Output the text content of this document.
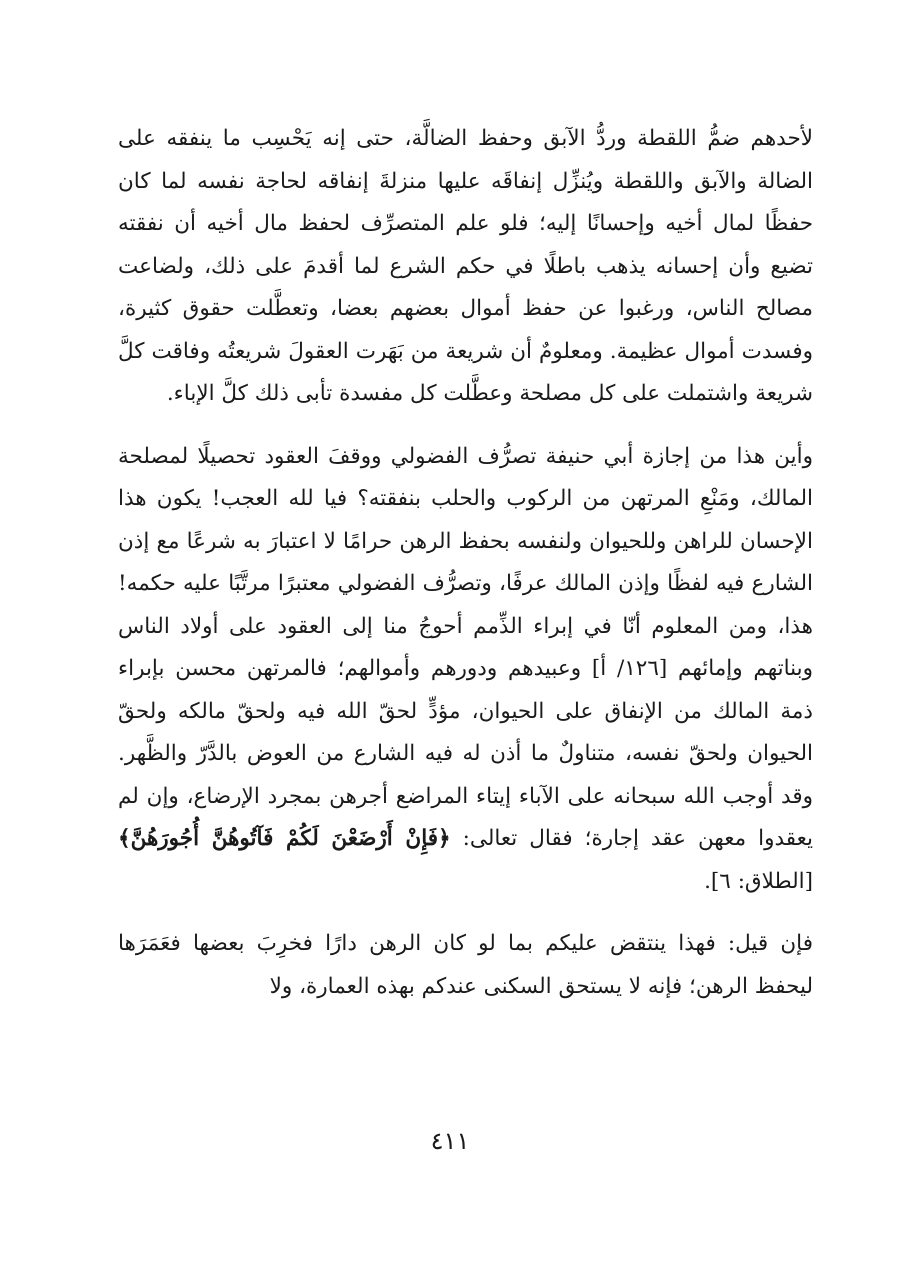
لأحدهم ضمُّ اللقطة وردُّ الآبق وحفظ الضالَّة، حتى إنه يَحْسِب ما ينفقه على الضالة والآبق واللقطة ويُنزِّل إنفاقَه عليها منزلةَ إنفاقه لحاجة نفسه لما كان حفظًا لمال أخيه وإحسانًا إليه؛ فلو علم المتصرِّف لحفظ مال أخيه أن نفقته تضيع وأن إحسانه يذهب باطلًا في حكم الشرع لما أقدمَ على ذلك، ولضاعت مصالح الناس، ورغبوا عن حفظ أموال بعضهم بعضا، وتعطَّلت حقوق كثيرة، وفسدت أموال عظيمة. ومعلومٌ أن شريعة من بَهَرت العقولَ شريعتُه وفاقت كلَّ شريعة واشتملت على كل مصلحة وعطَّلت كل مفسدة تأبى ذلك كلَّ الإباء.

وأين هذا من إجازة أبي حنيفة تصرُّف الفضولي ووقفَ العقود تحصيلًا لمصلحة المالك، ومَنْعِ المرتهن من الركوب والحلب بنفقته؟ فيا لله العجب! يكون هذا الإحسان للراهن وللحيوان ولنفسه بحفظ الرهن حرامًا لا اعتبارَ به شرعًا مع إذن الشارع فيه لفظًا وإذن المالك عرفًا، وتصرُّف الفضولي معتبرًا مرتَّبًا عليه حكمه! هذا، ومن المعلوم أنّا في إبراء الذِّمم أحوجُ منا إلى العقود على أولاد الناس وبناتهم وإمائهم [١٢٦/ أ] وعبيدهم ودورهم وأموالهم؛ فالمرتهن محسن بإبراء ذمة المالك من الإنفاق على الحيوان، مؤدٍّ لحقّ الله فيه ولحقّ مالكه ولحقّ الحيوان ولحقّ نفسه، متناولٌ ما أذن له فيه الشارع من العوض بالدَّرّ والظَّهر. وقد أوجب الله سبحانه على الآباء إيتاء المراضع أجرهن بمجرد الإرضاع، وإن لم يعقدوا معهن عقد إجارة؛ فقال تعالى: ﴿فَإِنْ أَرْضَعْنَ لَكُمْ فَآتُوهُنَّ أُجُورَهُنَّ﴾ [الطلاق: ٦].

فإن قيل: فهذا ينتقض عليكم بما لو كان الرهن دارًا فخرِبَ بعضها فعَمَرَها ليحفظ الرهن؛ فإنه لا يستحق السكنى عندكم بهذه العمارة، ولا

٤١١
